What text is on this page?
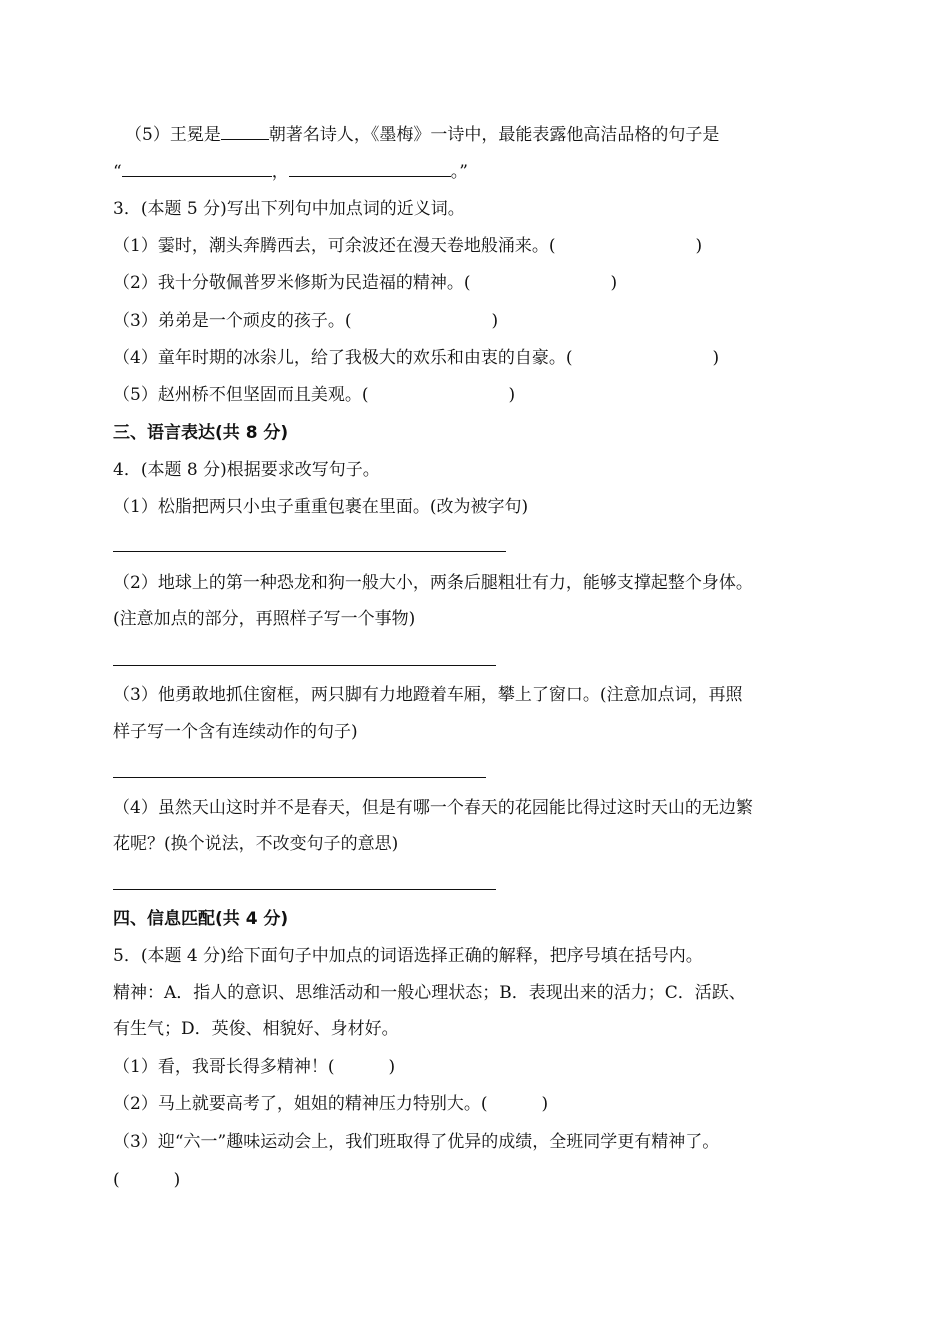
（5）王冕是	朝著名诗人，《墨梅》一诗中，最能表露他高洁品格的句子是
“	，	。”
3．(本题 5 分)写出下列句中加点词的近义词。
（1）霎时，潮头奔腾西去，可余波还在漫天卷地般涌来。(	)
（2）我十分敬佩普罗米修斯为民造福的精神。(	)
（3）弟弟是一个顽皮的孩子。(	)
（4）童年时期的冰尜儿，给了我极大的欢乐和由衷的自豪。(	)
（5）赵州桥不但坚固而且美观。(	)
三、语言表达(共 8 分)
4．(本题 8 分)根据要求改写句子。
（1）松脂把两只小虫子重重包裹在里面。(改为被字句)
（2）地球上的第一种恐龙和狗一般大小，两条后腿粗壮有力，能够支撑起整个身体。
(注意加点的部分，再照样子写一个事物)
（3）他勇敢地抓住窗框，两只脚有力地蹬着车厢，攀上了窗口。(注意加点词，再照
样子写一个含有连续动作的句子)
（4）虽然天山这时并不是春天，但是有哪一个春天的花园能比得过这时天山的无边繁
花呢？(换个说法，不改变句子的意思)
四、信息匹配(共 4 分)
5．(本题 4 分)给下面句子中加点的词语选择正确的解释，把序号填在括号内。
精神：A．指人的意识、思维活动和一般心理状态；B．表现出来的活力；C．活跃、
有生气；D．英俊、相貌好、身材好。
（1）看，我哥长得多精神！(	)
（2）马上就要高考了，姐姐的精神压力特别大。(	)
（3）迎“六一”趣味运动会上，我们班取得了优异的成绩，全班同学更有精神了。
(	)
